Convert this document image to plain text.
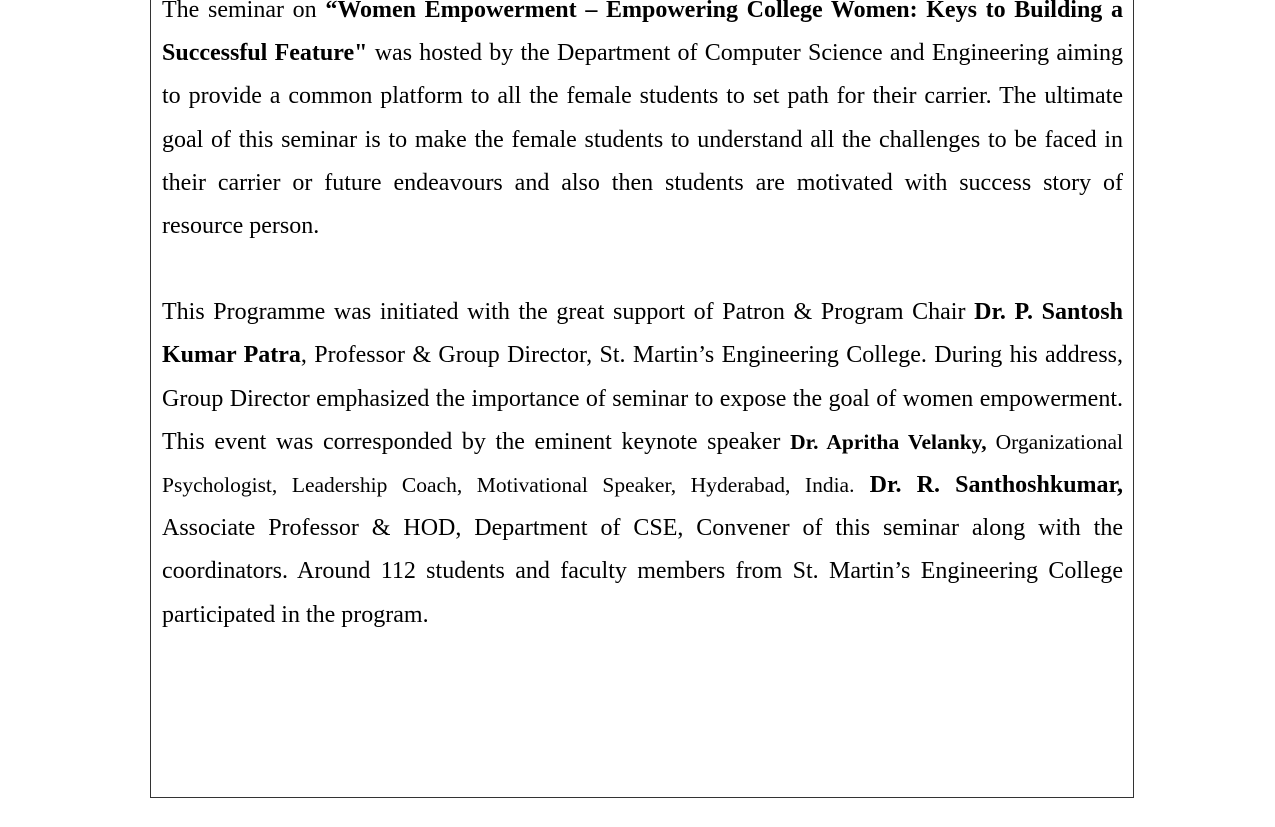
The seminar on “Women Empowerment – Empowering College Women: Keys to Building a Successful Feature" was hosted by the Department of Computer Science and Engineering aiming to provide a common platform to all the female students to set path for their carrier. The ultimate goal of this seminar is to make the female students to understand all the challenges to be faced in their carrier or future endeavours and also then students are motivated with success story of resource person.

This Programme was initiated with the great support of Patron & Program Chair Dr. P. Santosh Kumar Patra, Professor & Group Director, St. Martin’s Engineering College. During his address, Group Director emphasized the importance of seminar to expose the goal of women empowerment. This event was corresponded by the eminent keynote speaker Dr. Apritha Velanky, Organizational Psychologist, Leadership Coach, Motivational Speaker, Hyderabad, India. Dr. R. Santhoshkumar, Associate Professor & HOD, Department of CSE, Convener of this seminar along with the coordinators. Around 112 students and faculty members from St. Martin’s Engineering College participated in the program.
